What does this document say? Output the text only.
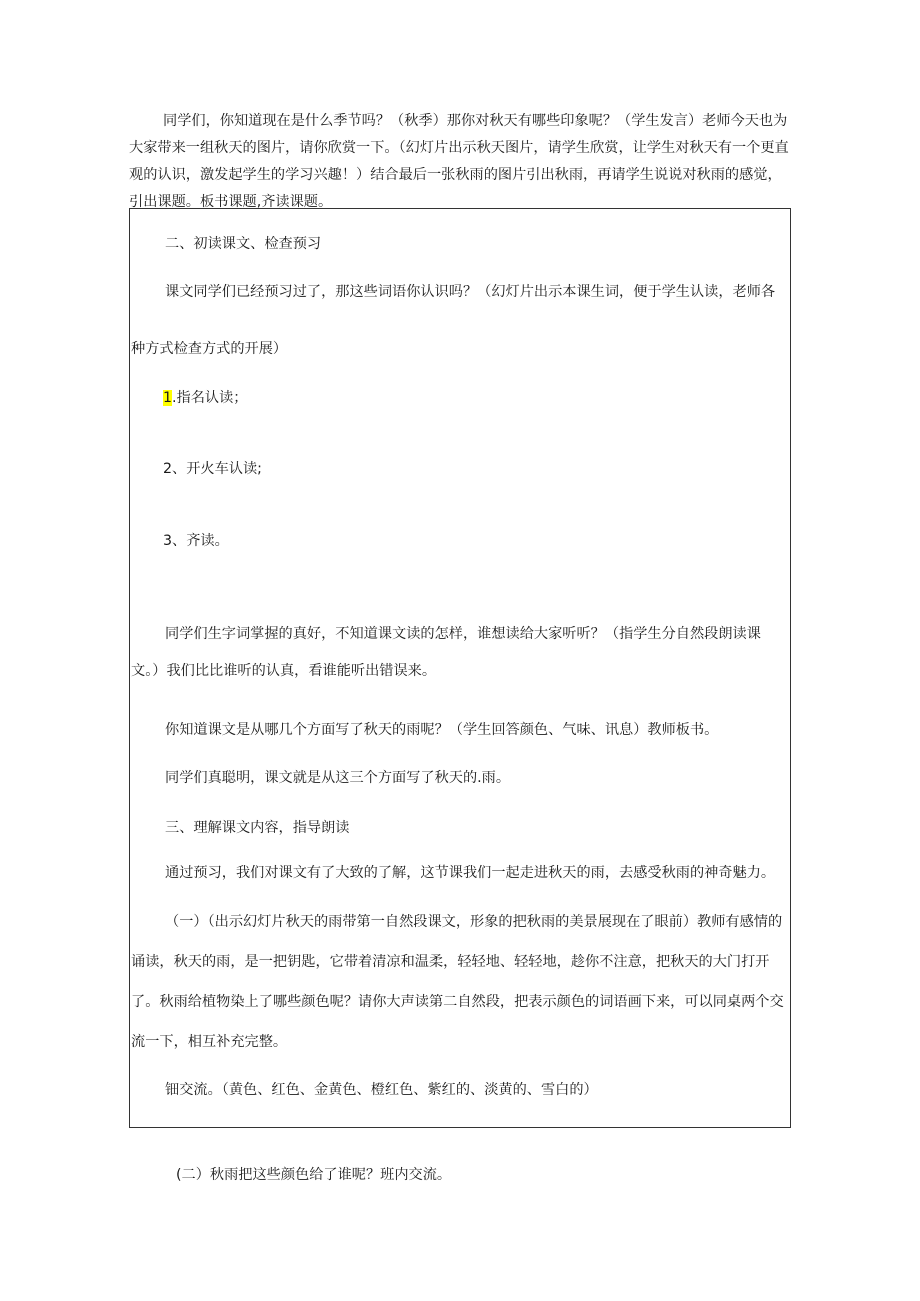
同学们，你知道现在是什么季节吗？（秋季）那你对秋天有哪些印象呢？（学生发言）老师今天也为大家带来一组秋天的图片，请你欣赏一下。（幻灯片出示秋天图片，请学生欣赏，让学生对秋天有一个更直观的认识，激发起学生的学习兴趣！）结合最后一张秋雨的图片引出秋雨，再请学生说说对秋雨的感觉，引出课题。板书课题,齐读课题。

二、初读课文、检查预习

课文同学们已经预习过了，那这些词语你认识吗？（幻灯片出示本课生词，便于学生认读，老师各种方式检查方式的开展）

1.指名认读；

2、开火车认读;

3、齐读。

同学们生字词掌握的真好，不知道课文读的怎样，谁想读给大家听听？（指学生分自然段朗读课文。）我们比比谁听的认真，看谁能听出错误来。

你知道课文是从哪几个方面写了秋天的雨呢？（学生回答颜色、气味、讯息）教师板书。

同学们真聪明，课文就是从这三个方面写了秋天的.雨。

三、理解课文内容，指导朗读

通过预习，我们对课文有了大致的了解，这节课我们一起走进秋天的雨，去感受秋雨的神奇魅力。

（一）（出示幻灯片秋天的雨带第一自然段课文，形象的把秋雨的美景展现在了眼前）教师有感情的诵读，秋天的雨，是一把钥匙，它带着清凉和温柔，轻轻地、轻轻地，趁你不注意，把秋天的大门打开了。秋雨给植物染上了哪些颜色呢？请你大声读第二自然段，把表示颜色的词语画下来，可以同桌两个交流一下，相互补充完整。

钿交流。（黄色、红色、金黄色、橙红色、紫红的、淡黄的、雪白的）

(二）秋雨把这些颜色给了谁呢？班内交流。
